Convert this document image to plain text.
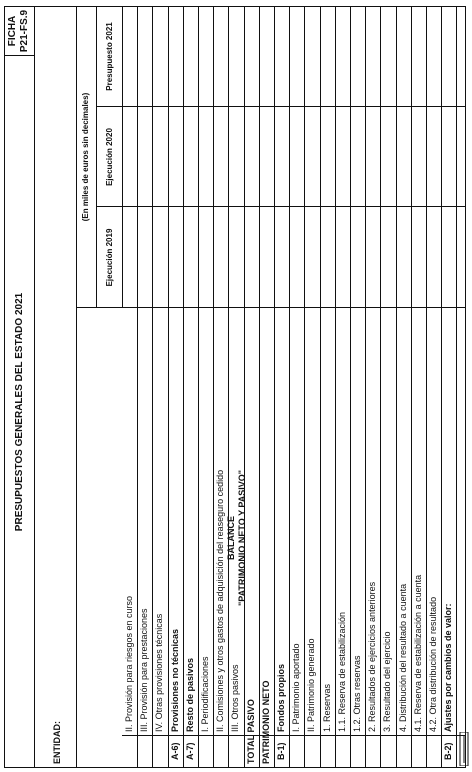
PRESUPUESTOS GENERALES DEL ESTADO 2021
FICHA P21-FS.9
ENTIDAD:
BALANCE "PATRIMONIO NETO Y PASIVO"
(En miles de euros sin decimales)
Ejecución 2019
Ejecución 2020
Presupuesto 2021
II. Provisión para riesgos en curso III. Provisión para prestaciones IV. Otras provisiones técnicas
A-6)
Provisiones no técnicas
A-7)
Resto de pasivos I. Periodificaciones II. Comisiones y otros gastos de adquisición del reaseguro cedido III. Otros pasivos TOTAL PASIVO PATRIMONIO NETO B-1)
Fondos propios I. Patrimonio aportado II. Patrimonio generado 1. Reservas 1.1. Reserva de estabilización 1.2. Otras reservas 2. Resultados de ejercicios anteriores 3. Resultado del ejercicio 4. Distribución del resultado a cuenta 4.1. Reserva de estabilización a cuenta 4.2. Otra distribución de resultado
B-2)
Ajustes por cambios de valor:
